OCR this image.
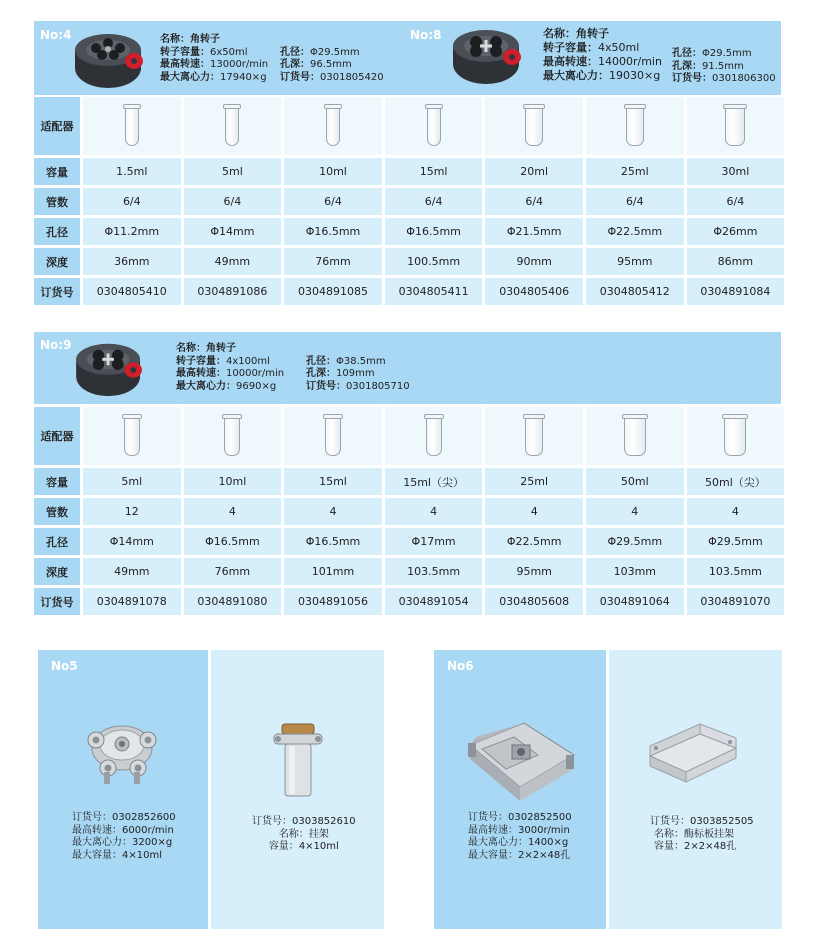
No:4	名称：角转子
转子容量：6x50ml
最高转速：13000r/min
最大离心力：17940×g
孔径：Φ29.5mm
孔深：96.5mm
订货号：0301805420
No:8	名称：角转子
转子容量：4x50ml
最高转速：14000r/min
最大离心力：19030×g
孔径：Φ29.5mm
孔深：91.5mm
订货号：0301806300
适配器
容量	1.5ml	5ml	10ml	15ml	20ml	25ml	30ml
管数	6/4	6/4	6/4	6/4	6/4	6/4	6/4
孔径	Φ11.2mm	Φ14mm	Φ16.5mm	Φ16.5mm	Φ21.5mm	Φ22.5mm	Φ26mm
深度	36mm	49mm	76mm	100.5mm	90mm	95mm	86mm
订货号	0304805410	0304891086	0304891085	0304805411	0304805406	0304805412	0304891084
No:9	名称：角转子
转子容量：4x100ml
最高转速：10000r/min
最大离心力：9690×g
孔径：Φ38.5mm
孔深：109mm
订货号：0301805710
适配器
容量	5ml	10ml	15ml	15ml（尖）	25ml	50ml	50ml（尖）
管数	12	4	4	4	4	4	4
孔径	Φ14mm	Φ16.5mm	Φ16.5mm	Φ17mm	Φ22.5mm	Φ29.5mm	Φ29.5mm
深度	49mm	76mm	101mm	103.5mm	95mm	103mm	103.5mm
订货号	0304891078	0304891080	0304891056	0304891054	0304805608	0304891064	0304891070
No5
订货号：0302852600
最高转速：6000r/min
最大离心力：3200×g
最大容量：4×10ml
订货号：0303852610
名称：挂架
容量：4×10ml
No6
订货号：0302852500
最高转速：3000r/min
最大离心力：1400×g
最大容量：2×2×48孔
订货号：0303852505
名称：酶标板挂架
容量：2×2×48孔
